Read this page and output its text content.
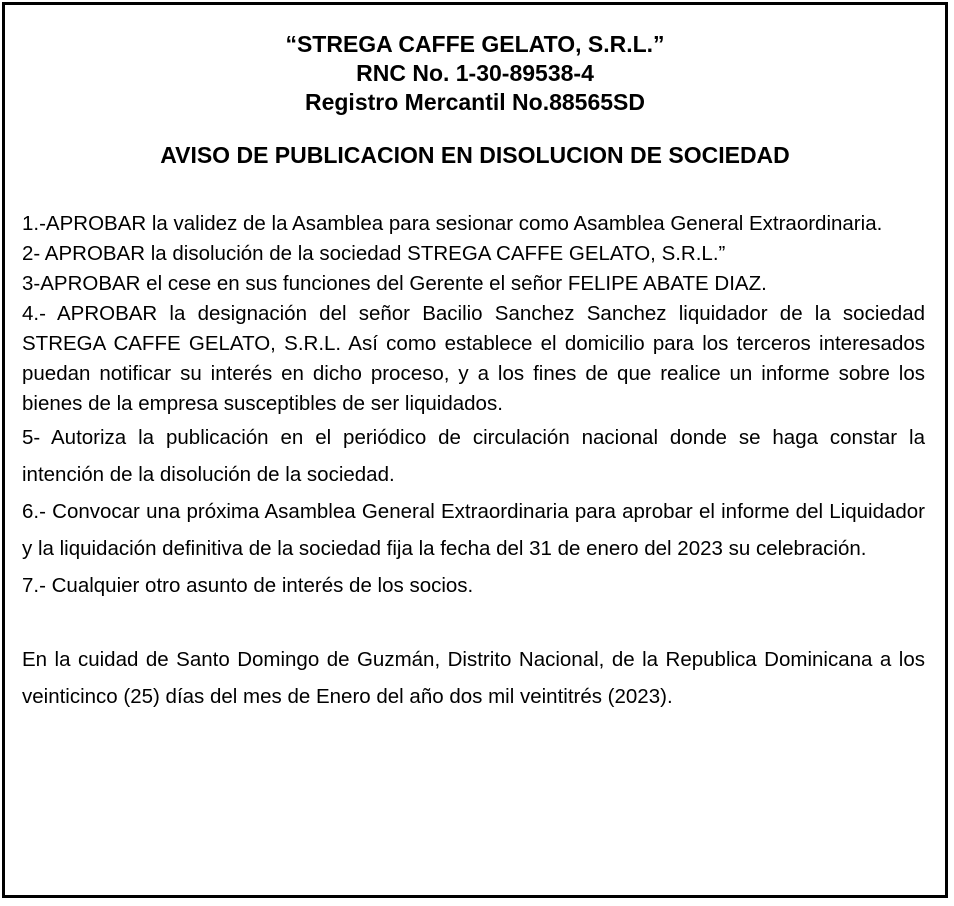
“STREGA CAFFE GELATO, S.R.L.”
RNC No. 1-30-89538-4
Registro Mercantil No.88565SD
AVISO DE PUBLICACION EN DISOLUCION DE SOCIEDAD

1.-APROBAR la validez de la Asamblea para sesionar como Asamblea General Extraordinaria.

2- APROBAR la disolución de la sociedad STREGA CAFFE GELATO, S.R.L.”

3-APROBAR el cese en sus funciones del Gerente el señor FELIPE ABATE DIAZ.

4.- APROBAR la designación del señor Bacilio Sanchez Sanchez liquidador de la sociedad STREGA CAFFE GELATO, S.R.L. Así como establece el domicilio para los terceros interesados puedan notificar su interés en dicho proceso, y a los fines de que realice un informe sobre los bienes de la empresa susceptibles de ser liquidados.

5- Autoriza la publicación en el periódico de circulación nacional donde se haga constar la intención de la disolución de la sociedad.

6.- Convocar una próxima Asamblea General Extraordinaria para aprobar el informe del Liquidador y la liquidación definitiva de la sociedad fija la fecha del 31 de enero del 2023 su celebración.

7.- Cualquier otro asunto de interés de los socios.

En la cuidad de Santo Domingo de Guzmán, Distrito Nacional, de la Republica Dominicana a los veinticinco (25) días del mes de Enero del año dos mil veintitrés (2023).
